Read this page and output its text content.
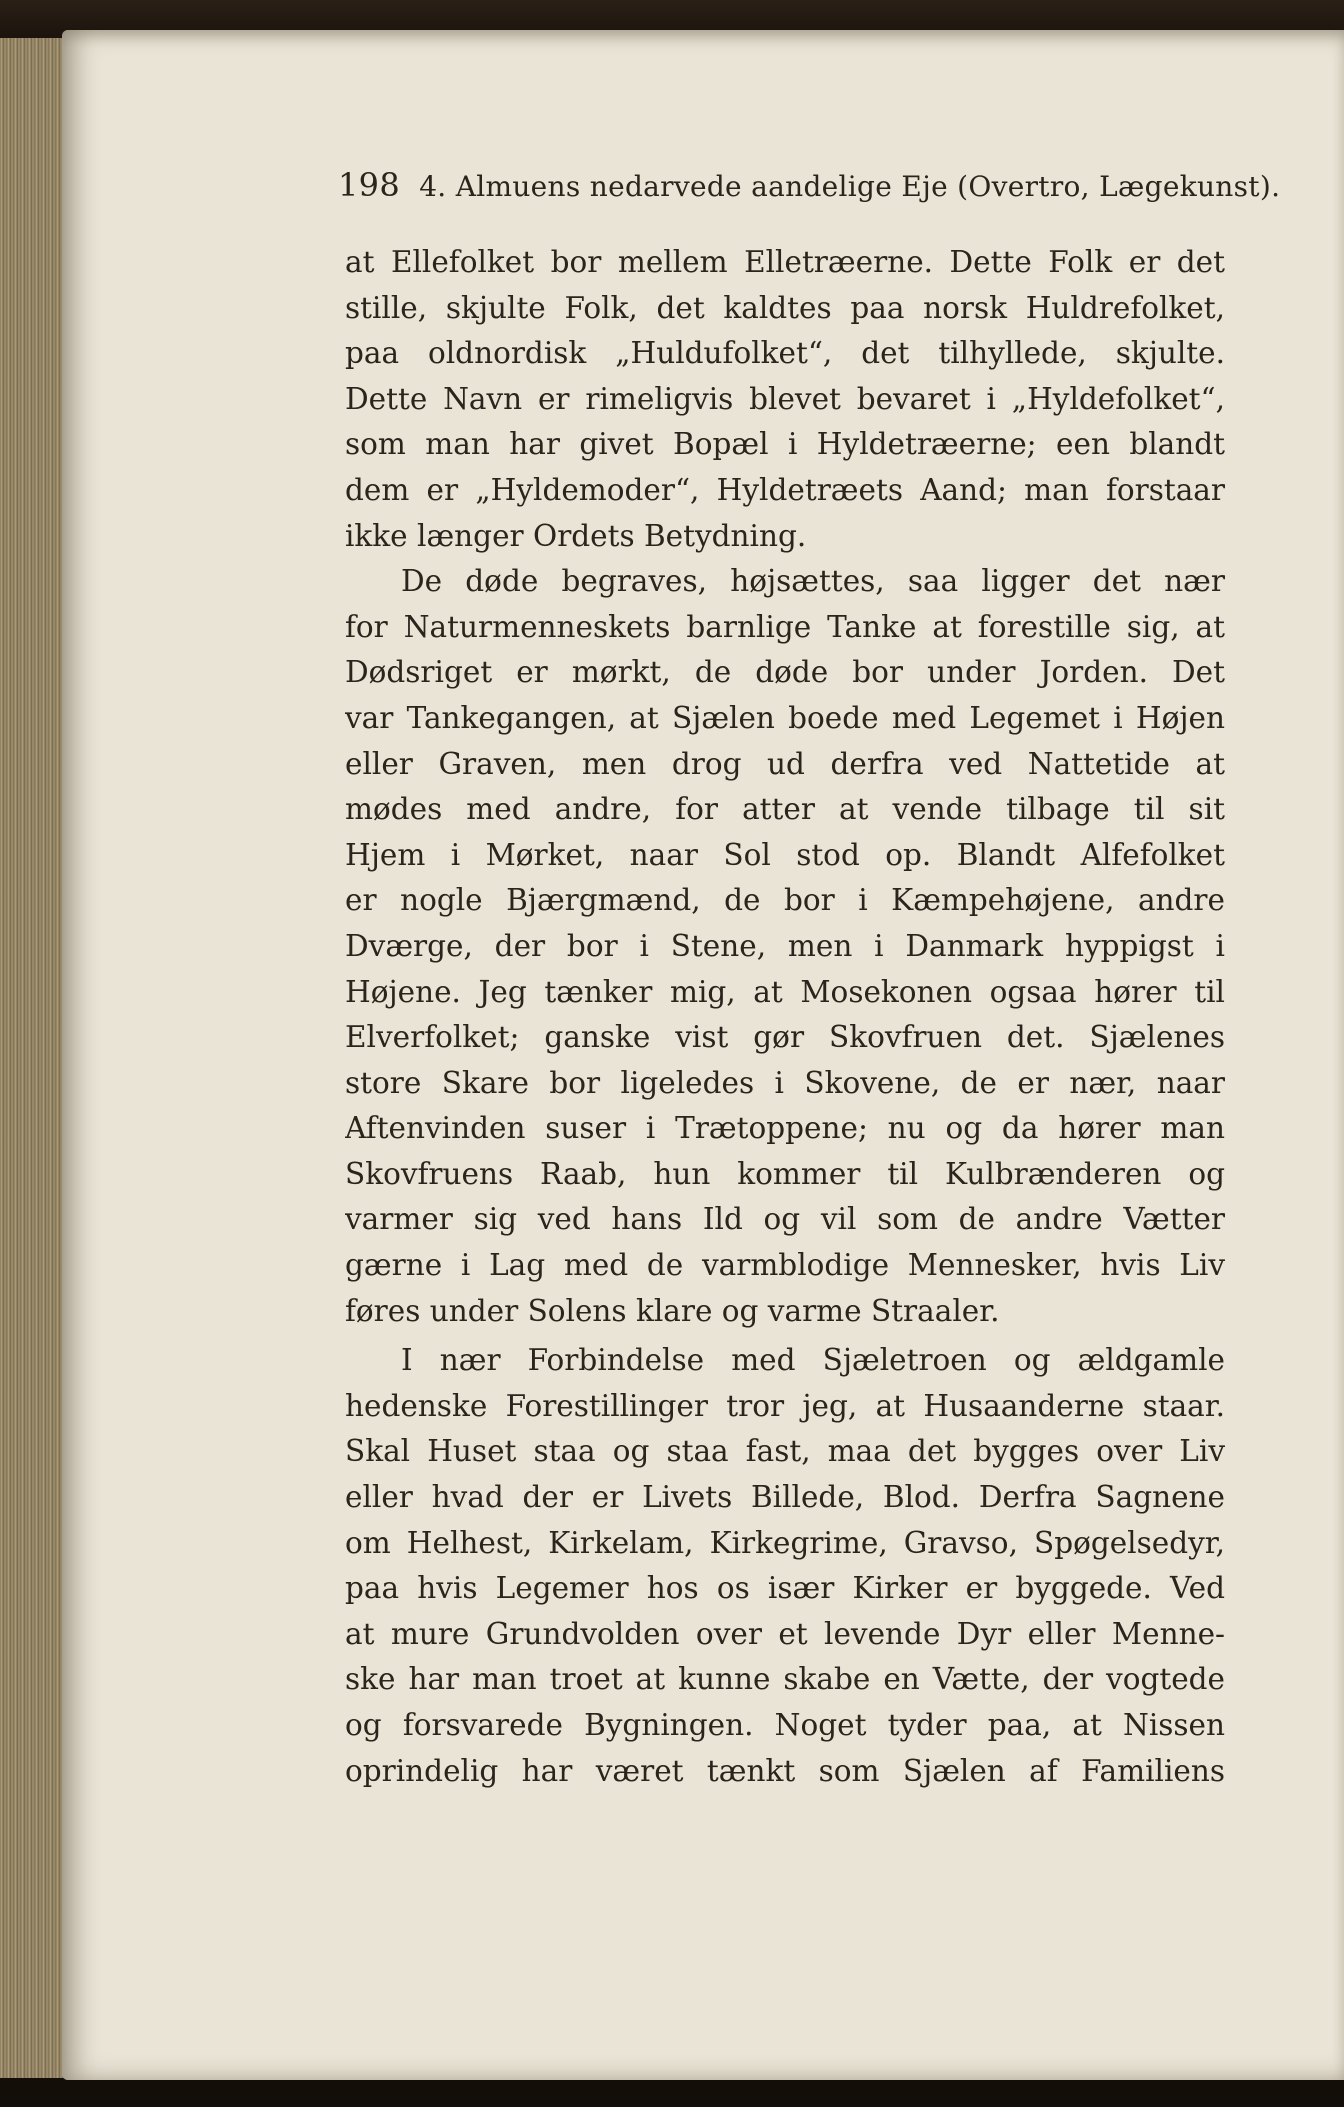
198 4. Almuens nedarvede aandelige Eje (Overtro, Lægekunst).
at Ellefolket bor mellem Elletræerne. Dette Folk er det
stille, skjulte Folk, det kaldtes paa norsk Huldrefolket,
paa oldnordisk „Huldufolket“, det tilhyllede, skjulte.
Dette Navn er rimeligvis blevet bevaret i „Hyldefolket“,
som man har givet Bopæl i Hyldetræerne; een blandt
dem er „Hyldemoder“, Hyldetræets Aand; man forstaar
ikke længer Ordets Betydning.
De døde begraves, højsættes, saa ligger det nær
for Naturmenneskets barnlige Tanke at forestille sig, at
Dødsriget er mørkt, de døde bor under Jorden. Det
var Tankegangen, at Sjælen boede med Legemet i Højen
eller Graven, men drog ud derfra ved Nattetide at
mødes med andre, for atter at vende tilbage til sit
Hjem i Mørket, naar Sol stod op. Blandt Alfefolket
er nogle Bjærgmænd, de bor i Kæmpehøjene, andre
Dværge, der bor i Stene, men i Danmark hyppigst i
Højene. Jeg tænker mig, at Mosekonen ogsaa hører til
Elverfolket; ganske vist gør Skovfruen det. Sjælenes
store Skare bor ligeledes i Skovene, de er nær, naar
Aftenvinden suser i Trætoppene; nu og da hører man
Skovfruens Raab, hun kommer til Kulbrænderen og
varmer sig ved hans Ild og vil som de andre Vætter
gærne i Lag med de varmblodige Mennesker, hvis Liv
føres under Solens klare og varme Straaler.
I nær Forbindelse med Sjæletroen og ældgamle
hedenske Forestillinger tror jeg, at Husaanderne staar.
Skal Huset staa og staa fast, maa det bygges over Liv
eller hvad der er Livets Billede, Blod. Derfra Sagnene
om Helhest, Kirkelam, Kirkegrime, Gravso, Spøgelsedyr,
paa hvis Legemer hos os især Kirker er byggede. Ved
at mure Grundvolden over et levende Dyr eller Menne-
ske har man troet at kunne skabe en Vætte, der vogtede
og forsvarede Bygningen. Noget tyder paa, at Nissen
oprindelig har været tænkt som Sjælen af Familiens
